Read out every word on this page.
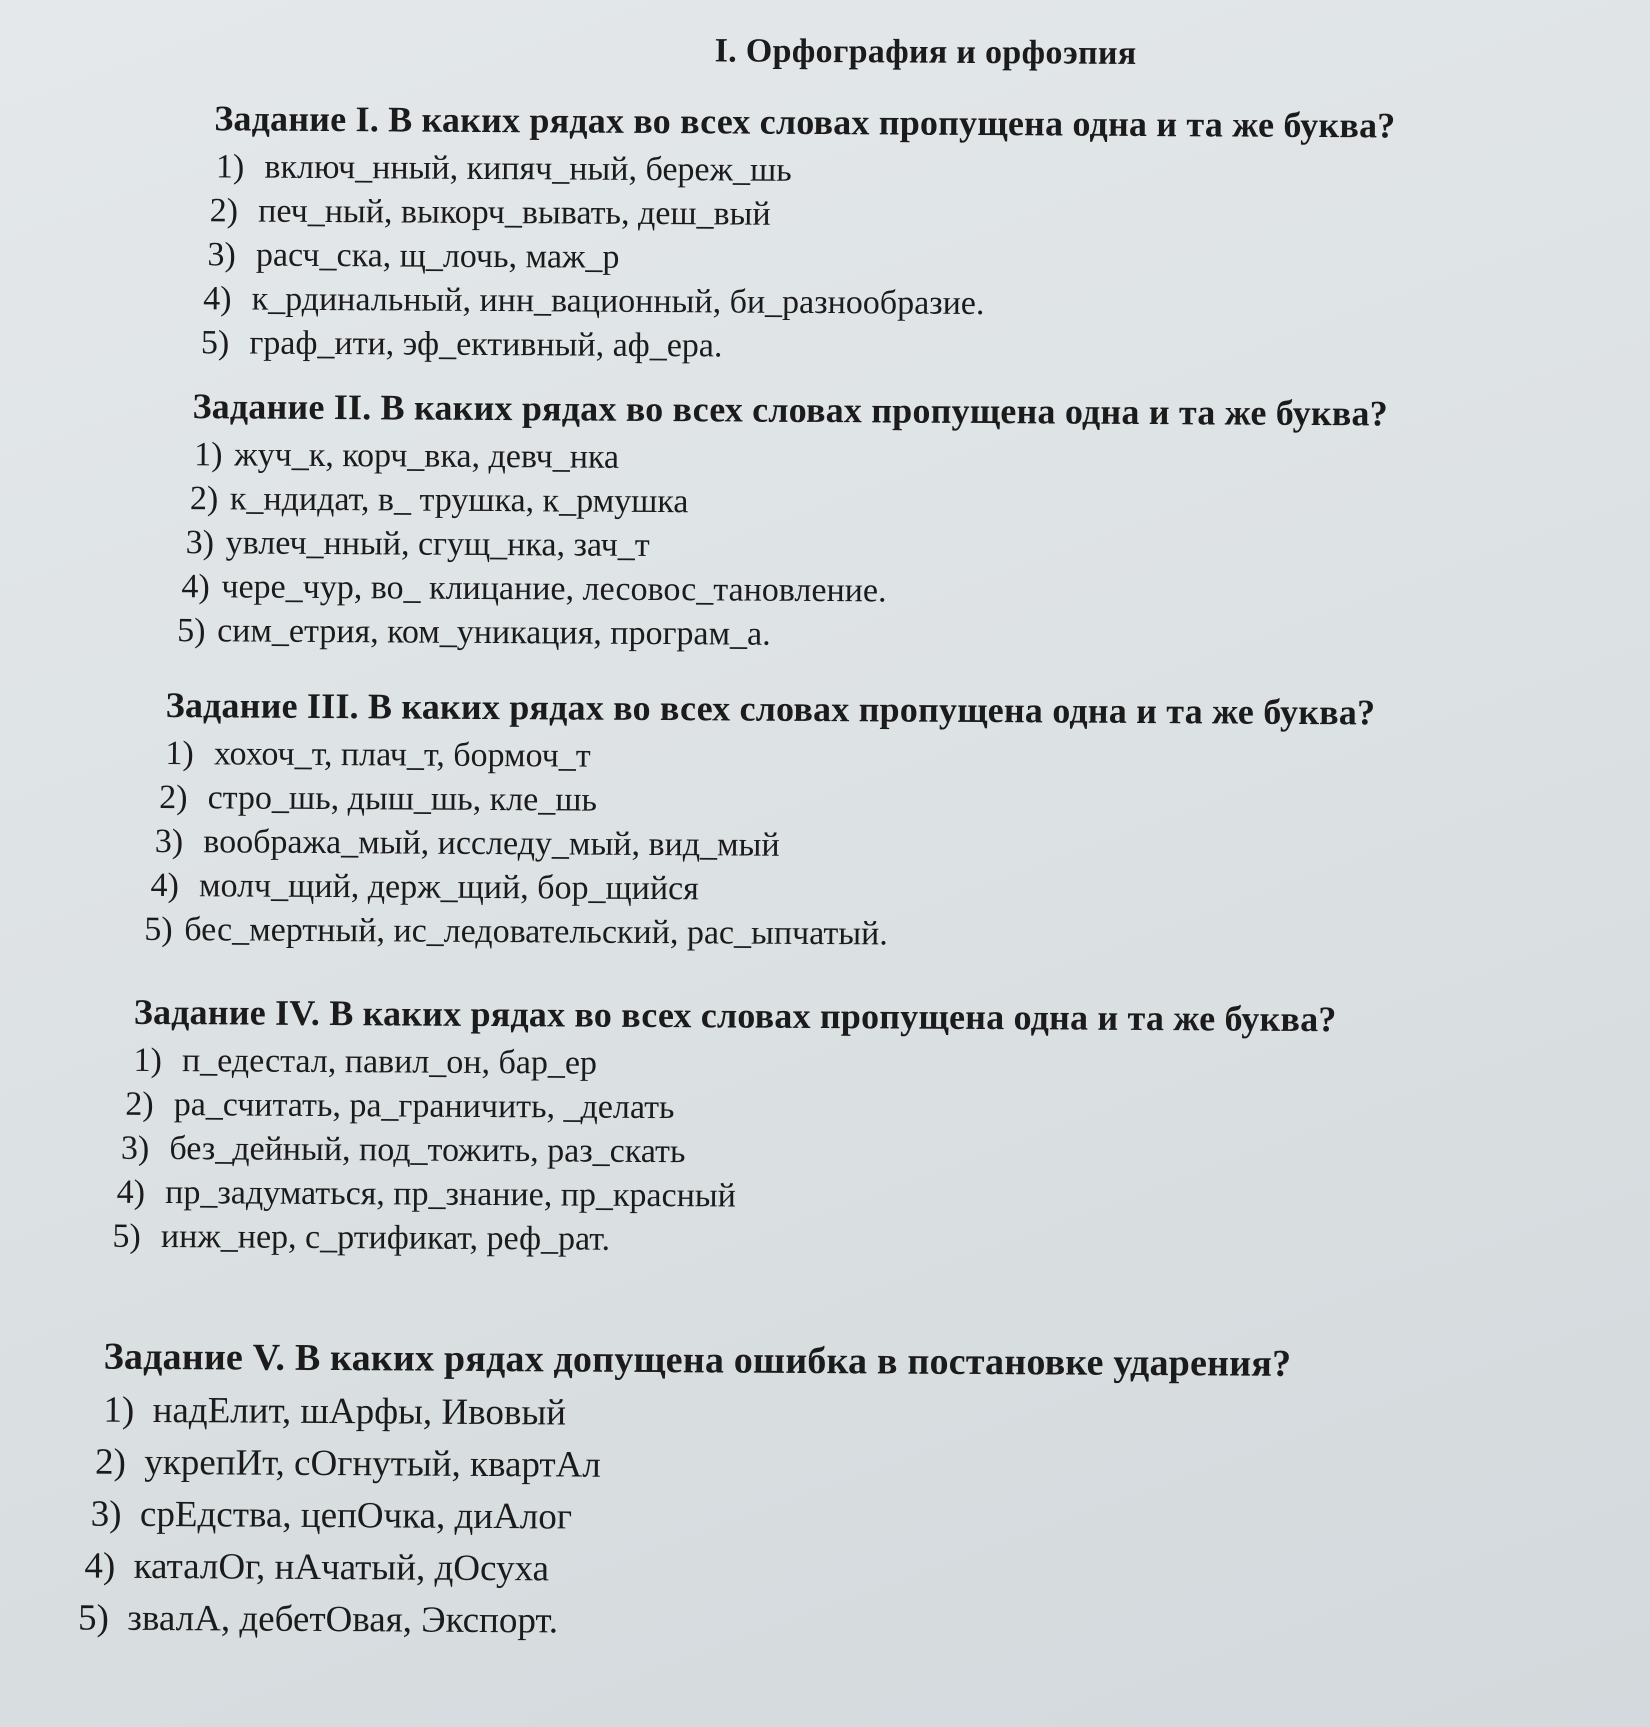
I. Орфография и орфоэпия
Задание I. В каких рядах во всех словах пропущена одна и та же буква?
1) включ_нный, кипяч_ный, береж_шь
2) печ_ный, выкорч_вывать, деш_вый
3) расч_ска, щ_лочь, маж_р
4) к_рдинальный, инн_вационный, би_разнообразие.
5) граф_ити, эф_ективный, аф_ера.
Задание II. В каких рядах во всех словах пропущена одна и та же буква?
1) жуч_к, корч_вка, девч_нка
2) к_ндидат, в_ трушка, к_рмушка
3) увлеч_нный, сгущ_нка, зач_т
4) чере_чур, во_ клицание, лесовос_тановление.
5) сим_етрия, ком_уникация, програм_а.
Задание III. В каких рядах во всех словах пропущена одна и та же буква?
1) хохоч_т, плач_т, бормоч_т
2) стро_шь, дыш_шь, кле_шь
3) вообража_мый, исследу_мый, вид_мый
4) молч_щий, держ_щий, бор_щийся
5) бес_мертный, ис_ледовательский, рас_ыпчатый.
Задание IV. В каких рядах во всех словах пропущена одна и та же буква?
1) п_едестал, павил_он, бар_ер
2) ра_считать, ра_граничить, _делать
3) без_дейный, под_тожить, раз_скать
4) пр_задуматься, пр_знание, пр_красный
5) инж_нер, с_ртификат, реф_рат.
Задание V. В каких рядах допущена ошибка в постановке ударения?
1) надЕлит, шАрфы, Ивовый
2) укрепИт, сОгнутый, квартАл
3) срЕдства, цепОчка, диАлог
4) каталОг, нАчатый, дОсуха
5) звалА, дебетОвая, Экспорт.
